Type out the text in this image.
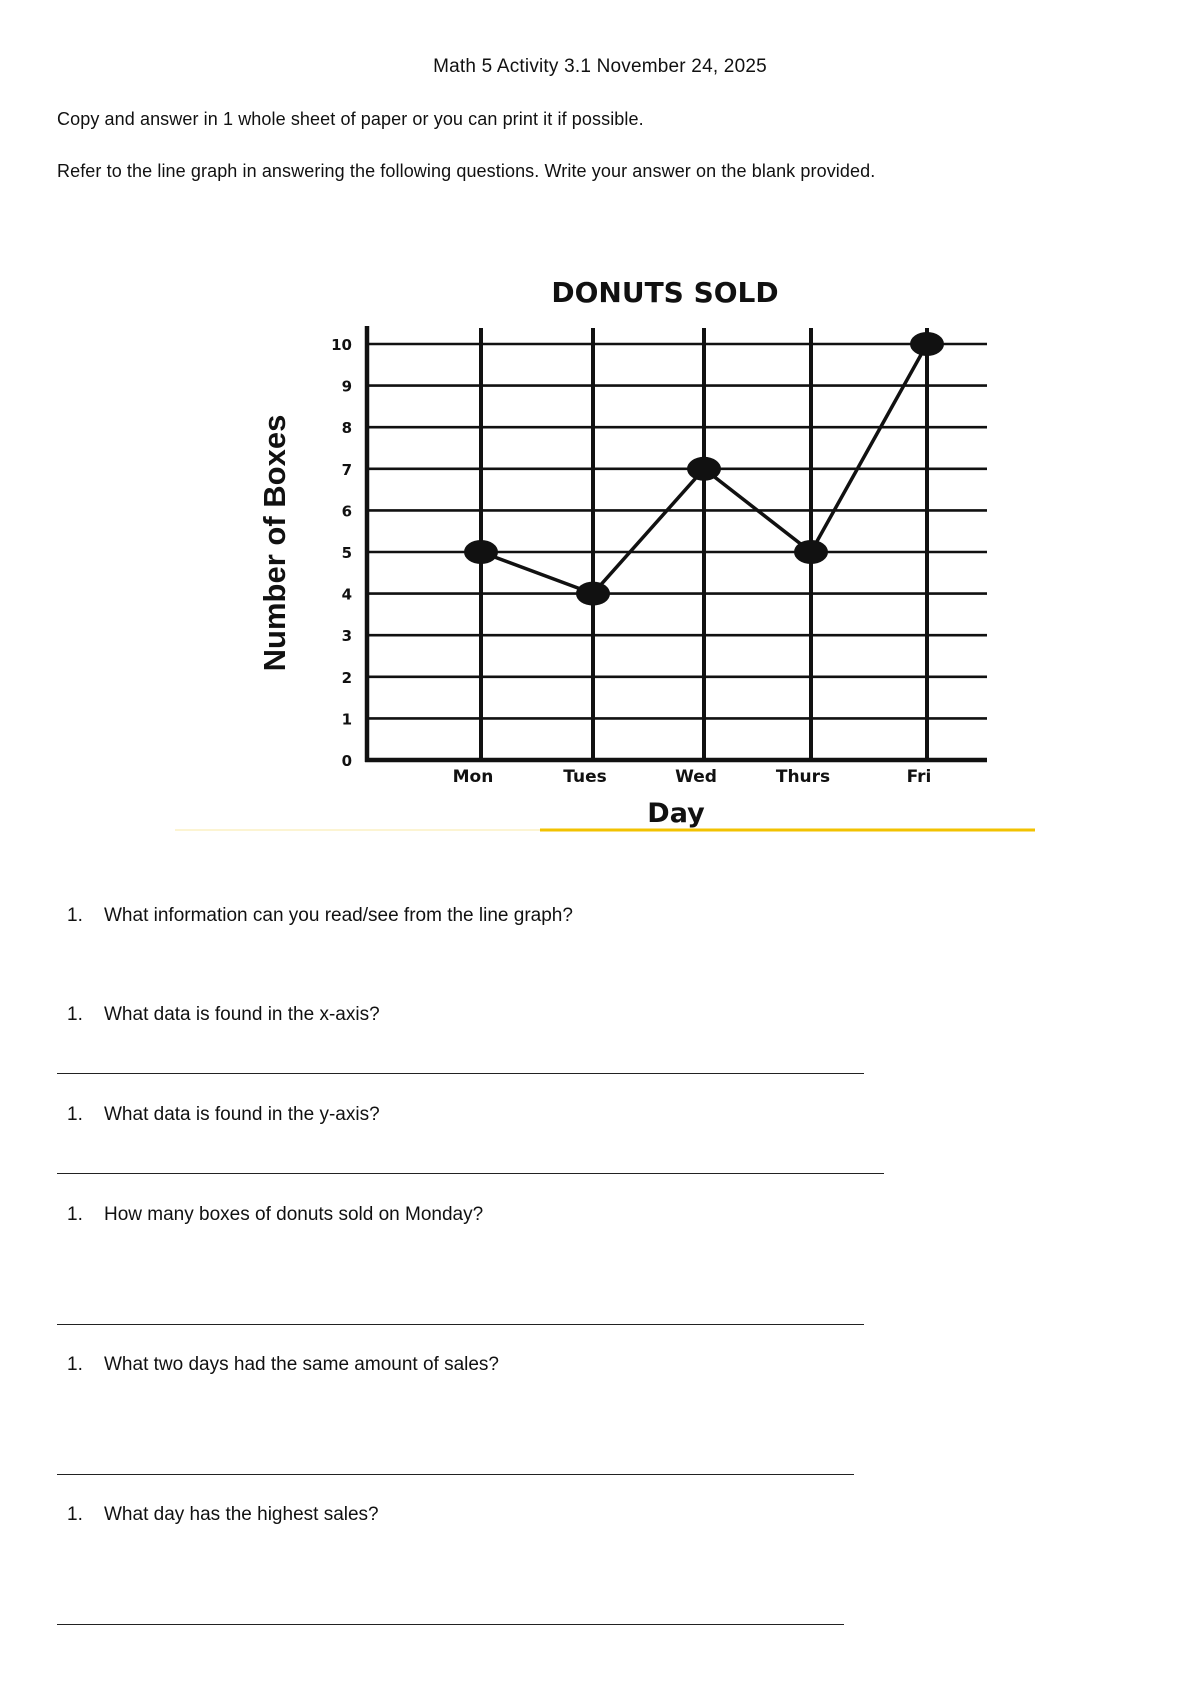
Math 5 Activity 3.1 November 24, 2025
Copy and answer in 1 whole sheet of paper or you can print it if possible.
Refer to the line graph in answering the following questions. Write your answer on the blank provided.
0
1
2
3
4
5
6
7
8
9
10
Mon	Tues	Wed	Thurs	Fri
DONUTS SOLD
Day
Number of Boxes
1. What information can you read/see from the line graph?
1. What data is found in the x-axis?
1. What data is found in the y-axis?
1. How many boxes of donuts sold on Monday?
1. What two days had the same amount of sales?
1. What day has the highest sales?
